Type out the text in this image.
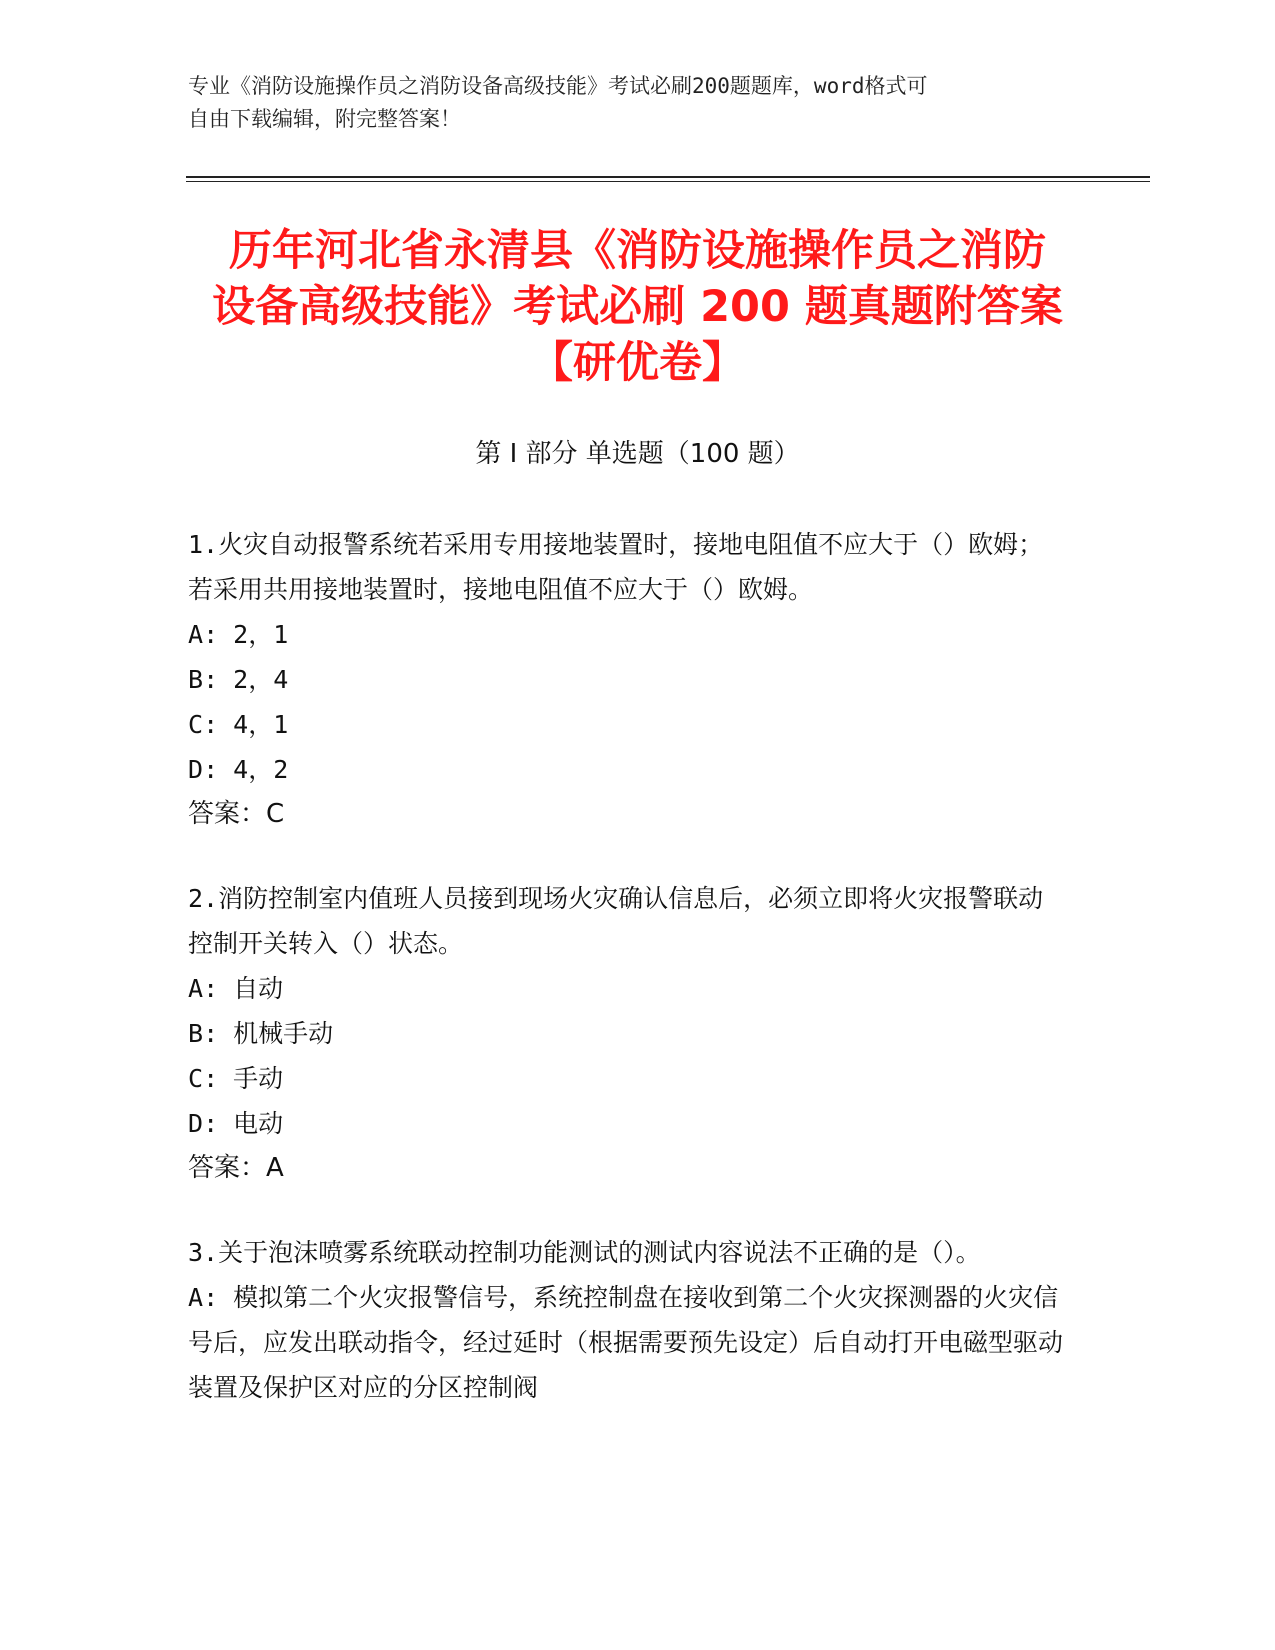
专业《消防设施操作员之消防设备高级技能》考试必刷200题题库，word格式可
自由下载编辑，附完整答案！
历年河北省永清县《消防设施操作员之消防
设备高级技能》考试必刷 200 题真题附答案
【研优卷】
第 I 部分 单选题（100 题）

1.火灾自动报警系统若采用专用接地装置时，接地电阻值不应大于（）欧姆；若采用共用接地装置时，接地电阻值不应大于（）欧姆。

A: 2，1

B: 2，4

C: 4，1

D: 4，2

答案：C

2.消防控制室内值班人员接到现场火灾确认信息后，必须立即将火灾报警联动控制开关转入（）状态。

A: 自动

B: 机械手动

C: 手动

D: 电动

答案：A

3.关于泡沫喷雾系统联动控制功能测试的测试内容说法不正确的是（）。

A: 模拟第二个火灾报警信号，系统控制盘在接收到第二个火灾探测器的火灾信号后，应发出联动指令，经过延时（根据需要预先设定）后自动打开电磁型驱动装置及保护区对应的分区控制阀
